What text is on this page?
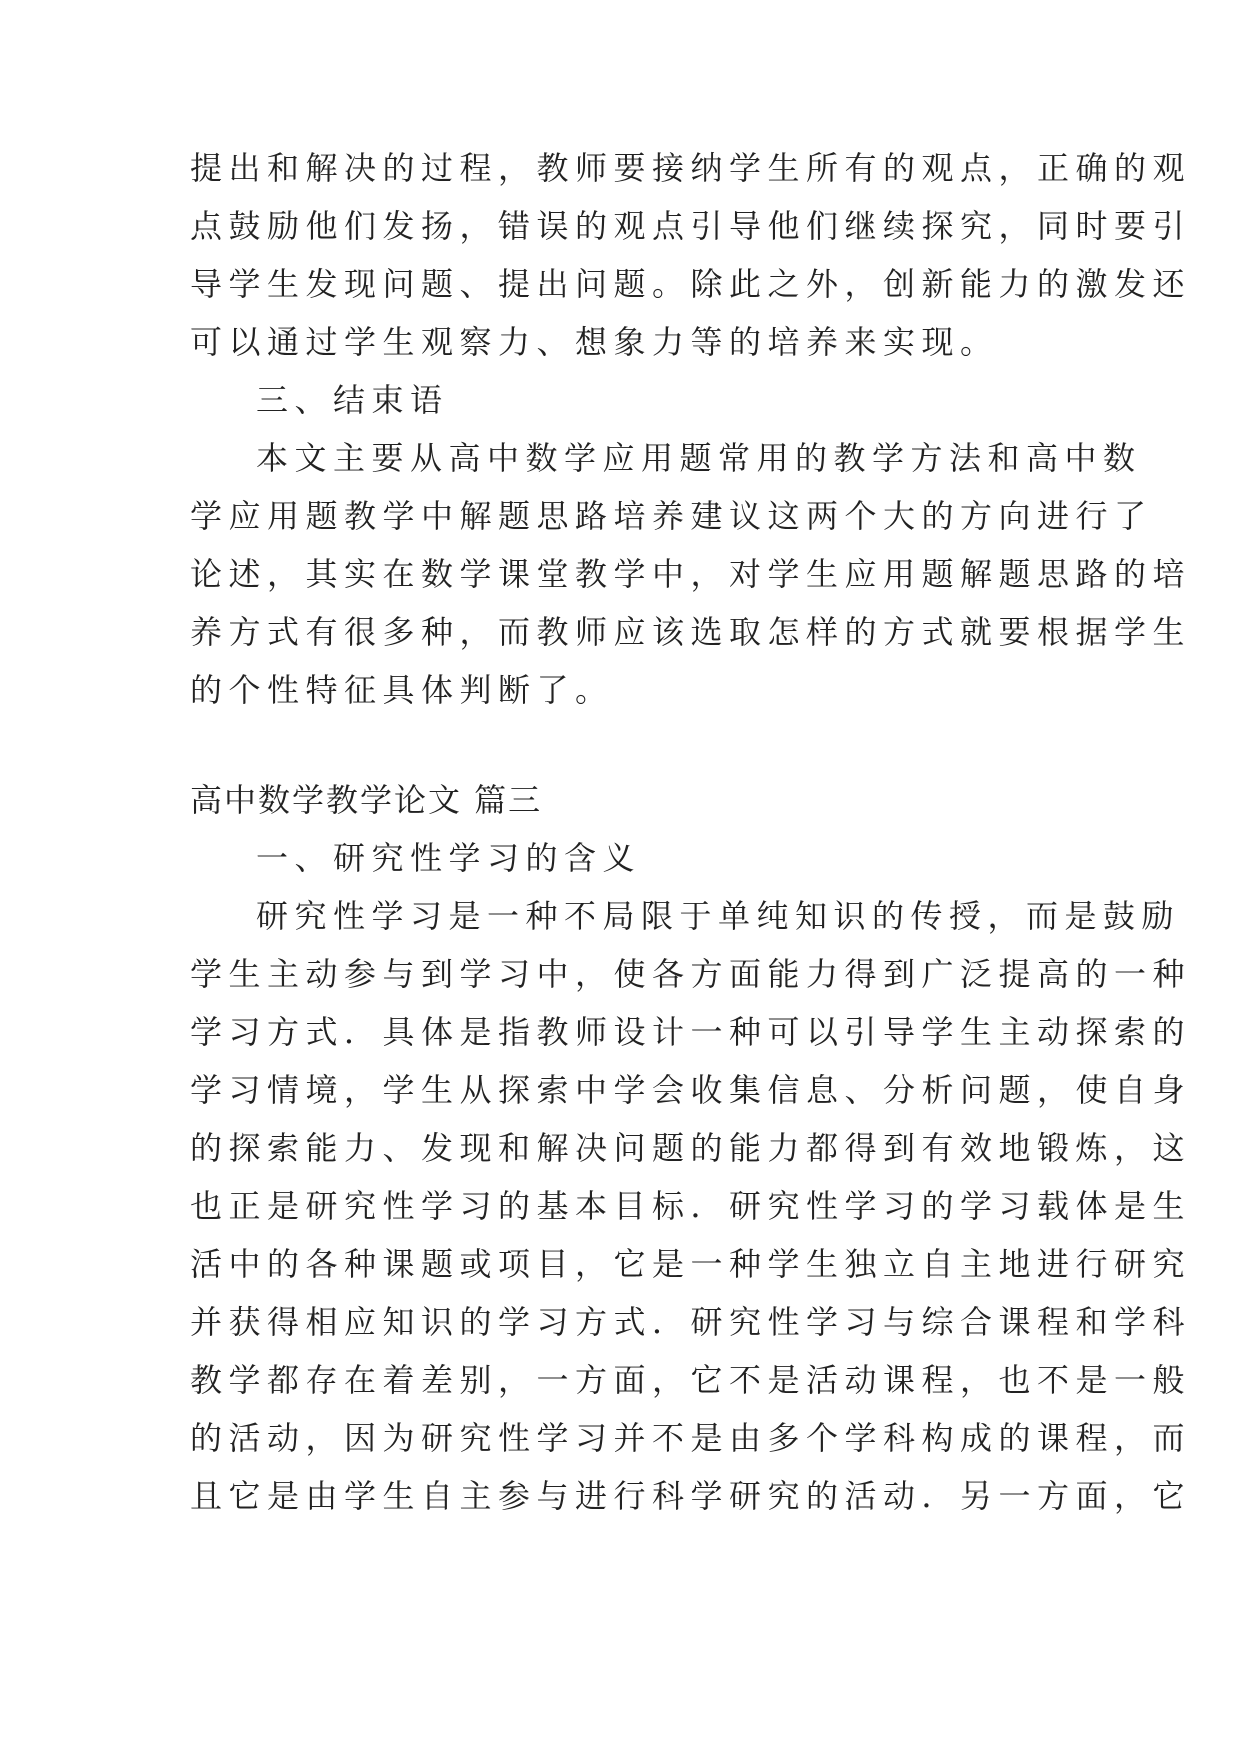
提出和解决的过程，教师要接纳学生所有的观点，正确的观
点鼓励他们发扬，错误的观点引导他们继续探究，同时要引
导学生发现问题、提出问题。除此之外，创新能力的激发还
可以通过学生观察力、想象力等的培养来实现。
三、结束语
本文主要从高中数学应用题常用的教学方法和高中数
学应用题教学中解题思路培养建议这两个大的方向进行了
论述，其实在数学课堂教学中，对学生应用题解题思路的培
养方式有很多种，而教师应该选取怎样的方式就要根据学生
的个性特征具体判断了。
高中数学教学论文 篇三
一、研究性学习的含义
研究性学习是一种不局限于单纯知识的传授，而是鼓励
学生主动参与到学习中，使各方面能力得到广泛提高的一种
学习方式．具体是指教师设计一种可以引导学生主动探索的
学习情境，学生从探索中学会收集信息、分析问题，使自身
的探索能力、发现和解决问题的能力都得到有效地锻炼，这
也正是研究性学习的基本目标．研究性学习的学习载体是生
活中的各种课题或项目，它是一种学生独立自主地进行研究
并获得相应知识的学习方式．研究性学习与综合课程和学科
教学都存在着差别，一方面，它不是活动课程，也不是一般
的活动，因为研究性学习并不是由多个学科构成的课程，而
且它是由学生自主参与进行科学研究的活动．另一方面，它
